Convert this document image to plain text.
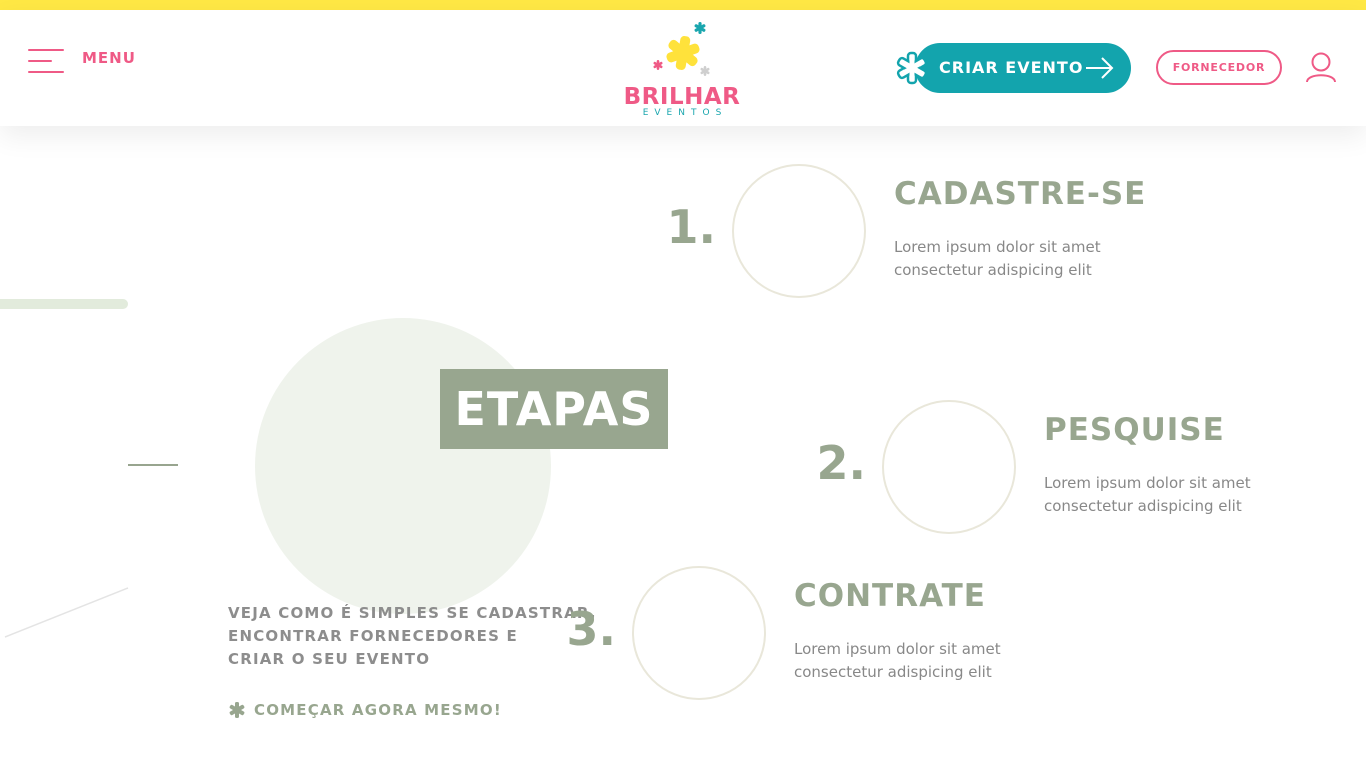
MENU
BRILHAR
EVENTOS
CRIAR EVENTO	FORNECEDOR
ETAPAS
VEJA COMO É SIMPLES SE CADASTRAR,
ENCONTRAR FORNECEDORES E
CRIAR O SEU EVENTO
COMEÇAR AGORA MESMO!
1.
CADASTRE-SE
Lorem ipsum dolor sit amet
consectetur adispicing elit
2.
PESQUISE
Lorem ipsum dolor sit amet
consectetur adispicing elit
3.
CONTRATE
Lorem ipsum dolor sit amet
consectetur adispicing elit
